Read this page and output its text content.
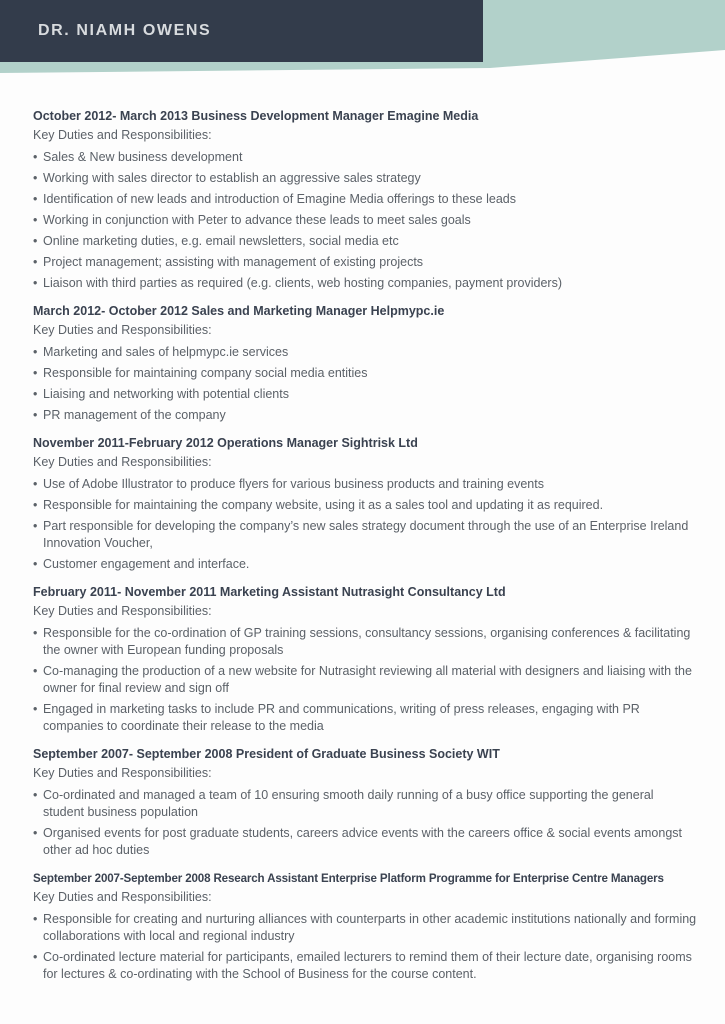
DR. NIAMH OWENS
October 2012- March 2013 Business Development Manager Emagine Media

Key Duties and Responsibilities:

• Sales & New business development
• Working with sales director to establish an aggressive sales strategy
• Identification of new leads and introduction of Emagine Media offerings to these leads
• Working in conjunction with Peter to advance these leads to meet sales goals
• Online marketing duties, e.g. email newsletters, social media etc
• Project management; assisting with management of existing projects
• Liaison with third parties as required (e.g. clients, web hosting companies, payment providers)
March 2012- October 2012 Sales and Marketing Manager Helpmypc.ie

Key Duties and Responsibilities:

• Marketing and sales of helpmypc.ie services
• Responsible for maintaining company social media entities
• Liaising and networking with potential clients
• PR management of the company
November 2011-February 2012 Operations Manager Sightrisk Ltd

Key Duties and Responsibilities:

• Use of Adobe Illustrator to produce flyers for various business products and training events
• Responsible for maintaining the company website, using it as a sales tool and updating it as required.
• Part responsible for developing the company’s new sales strategy document through the use of an Enterprise Ireland Innovation Voucher,
• Customer engagement and interface.
February 2011- November 2011 Marketing Assistant Nutrasight Consultancy Ltd

Key Duties and Responsibilities:

• Responsible for the co-ordination of GP training sessions, consultancy sessions, organising conferences & facilitating the owner with European funding proposals
• Co-managing the production of a new website for Nutrasight reviewing all material with designers and liaising with the owner for final review and sign off
• Engaged in marketing tasks to include PR and communications, writing of press releases, engaging with PR companies to coordinate their release to the media
September 2007- September 2008 President of Graduate Business Society WIT

Key Duties and Responsibilities:

• Co-ordinated and managed a team of 10 ensuring smooth daily running of a busy office supporting the general student business population
• Organised events for post graduate students, careers advice events with the careers office & social events amongst other ad hoc duties
September 2007-September 2008 Research Assistant Enterprise Platform Programme for Enterprise Centre Managers

Key Duties and Responsibilities:

• Responsible for creating and nurturing alliances with counterparts in other academic institutions nationally and forming collaborations with local and regional industry
• Co-ordinated lecture material for participants, emailed lecturers to remind them of their lecture date, organising rooms for lectures & co-ordinating with the School of Business for the course content.
